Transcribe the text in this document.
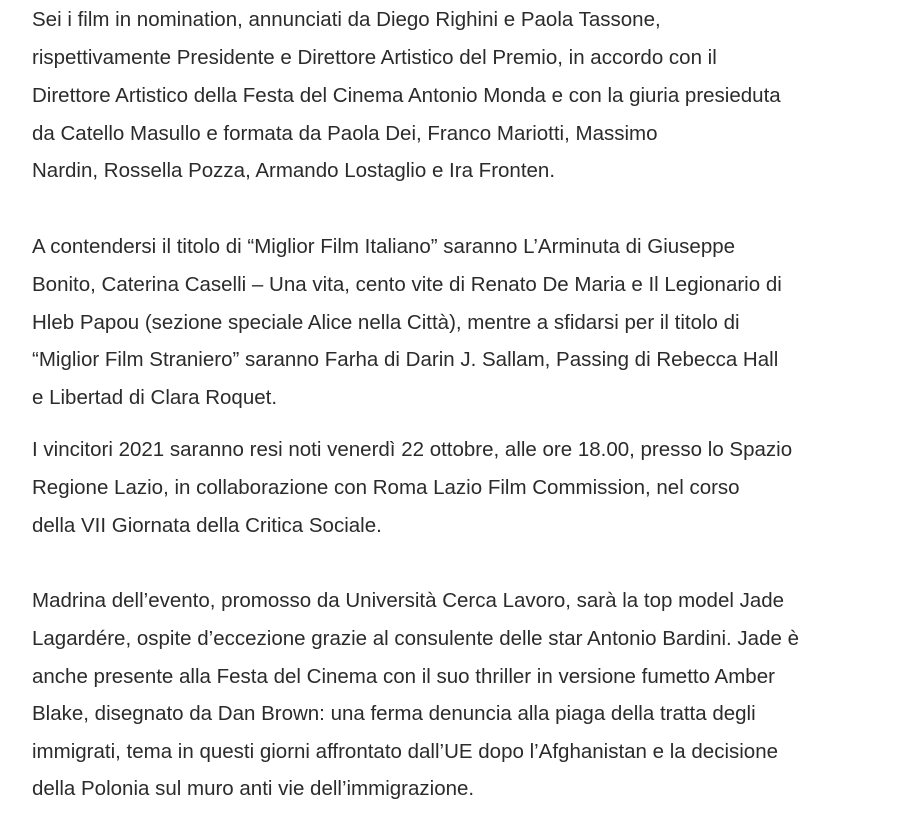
Sei i film in nomination, annunciati da Diego Righini e Paola Tassone,
rispettivamente Presidente e Direttore Artistico del Premio, in accordo con il
Direttore Artistico della Festa del Cinema Antonio Monda e con la giuria presieduta
da Catello Masullo e formata da Paola Dei, Franco Mariotti, Massimo
Nardin, Rossella Pozza, Armando Lostaglio e Ira Fronten.
A contendersi il titolo di “Miglior Film Italiano” saranno L’Arminuta di Giuseppe
Bonito, Caterina Caselli – Una vita, cento vite di Renato De Maria e Il Legionario di
Hleb Papou (sezione speciale Alice nella Città), mentre a sfidarsi per il titolo di
“Miglior Film Straniero” saranno Farha di Darin J. Sallam, Passing di Rebecca Hall
e Libertad di Clara Roquet.
I vincitori 2021 saranno resi noti venerdì 22 ottobre, alle ore 18.00, presso lo Spazio
Regione Lazio, in collaborazione con Roma Lazio Film Commission, nel corso
della VII Giornata della Critica Sociale.
Madrina dell’evento, promosso da Università Cerca Lavoro, sarà la top model Jade
Lagardére, ospite d’eccezione grazie al consulente delle star Antonio Bardini. Jade è
anche presente alla Festa del Cinema con il suo thriller in versione fumetto Amber
Blake, disegnato da Dan Brown: una ferma denuncia alla piaga della tratta degli
immigrati, tema in questi giorni affrontato dall’UE dopo l’Afghanistan e la decisione
della Polonia sul muro anti vie dell’immigrazione.
